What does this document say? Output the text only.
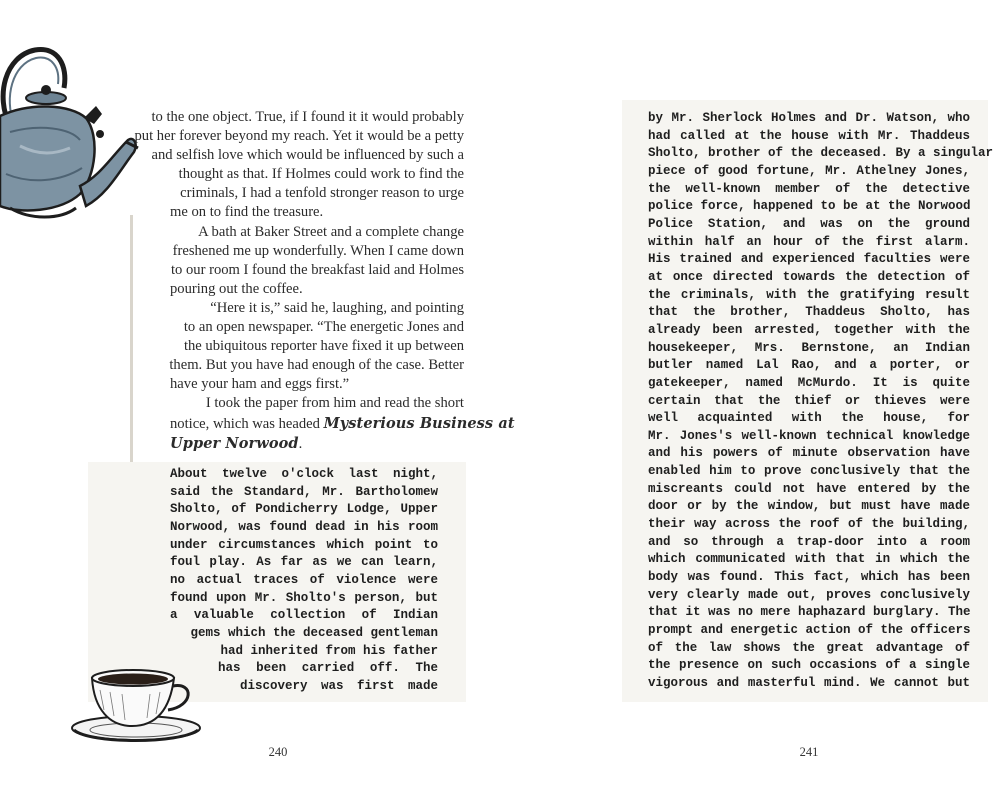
to the one object. True, if I found it it would probably
put her forever beyond my reach. Yet it would be a petty
and selfish love which would be influenced by such a
thought as that. If Holmes could work to find the
criminals, I had a tenfold stronger reason to urge
me on to find the treasure.
A bath at Baker Street and a complete change
freshened me up wonderfully. When I came down
to our room I found the breakfast laid and Holmes
pouring out the coffee.
“Here it is,” said he, laughing, and pointing
to an open newspaper. “The energetic Jones and
the ubiquitous reporter have fixed it up between
them. But you have had enough of the case. Better
have your ham and eggs first.”
I took the paper from him and read the short
notice, which was headed Mysterious Business at
Upper Norwood.
About twelve o'clock last night,
said the Standard, Mr. Bartholomew
Sholto, of Pondicherry Lodge, Upper
Norwood, was found dead in his room
under circumstances which point to
foul play. As far as we can learn,
no actual traces of violence were
found upon Mr. Sholto's person, but
a valuable collection of Indian
gems which the deceased gentleman
had inherited from his father
has been carried off. The
discovery was first made
240
by Mr. Sherlock Holmes and Dr. Watson, who
had called at the house with Mr. Thaddeus
Sholto, brother of the deceased. By a singular
piece of good fortune, Mr. Athelney Jones,
the well-known member of the detective
police force, happened to be at the Norwood
Police Station, and was on the ground
within half an hour of the first alarm.
His trained and experienced faculties were
at once directed towards the detection of
the criminals, with the gratifying result
that the brother, Thaddeus Sholto, has
already been arrested, together with the
housekeeper, Mrs. Bernstone, an Indian
butler named Lal Rao, and a porter, or
gatekeeper, named McMurdo. It is quite
certain that the thief or thieves were
well acquainted with the house, for
Mr. Jones's well-known technical knowledge
and his powers of minute observation have
enabled him to prove conclusively that the
miscreants could not have entered by the
door or by the window, but must have made
their way across the roof of the building,
and so through a trap-door into a room
which communicated with that in which the
body was found. This fact, which has been
very clearly made out, proves conclusively
that it was no mere haphazard burglary. The
prompt and energetic action of the officers
of the law shows the great advantage of
the presence on such occasions of a single
vigorous and masterful mind. We cannot but
241
